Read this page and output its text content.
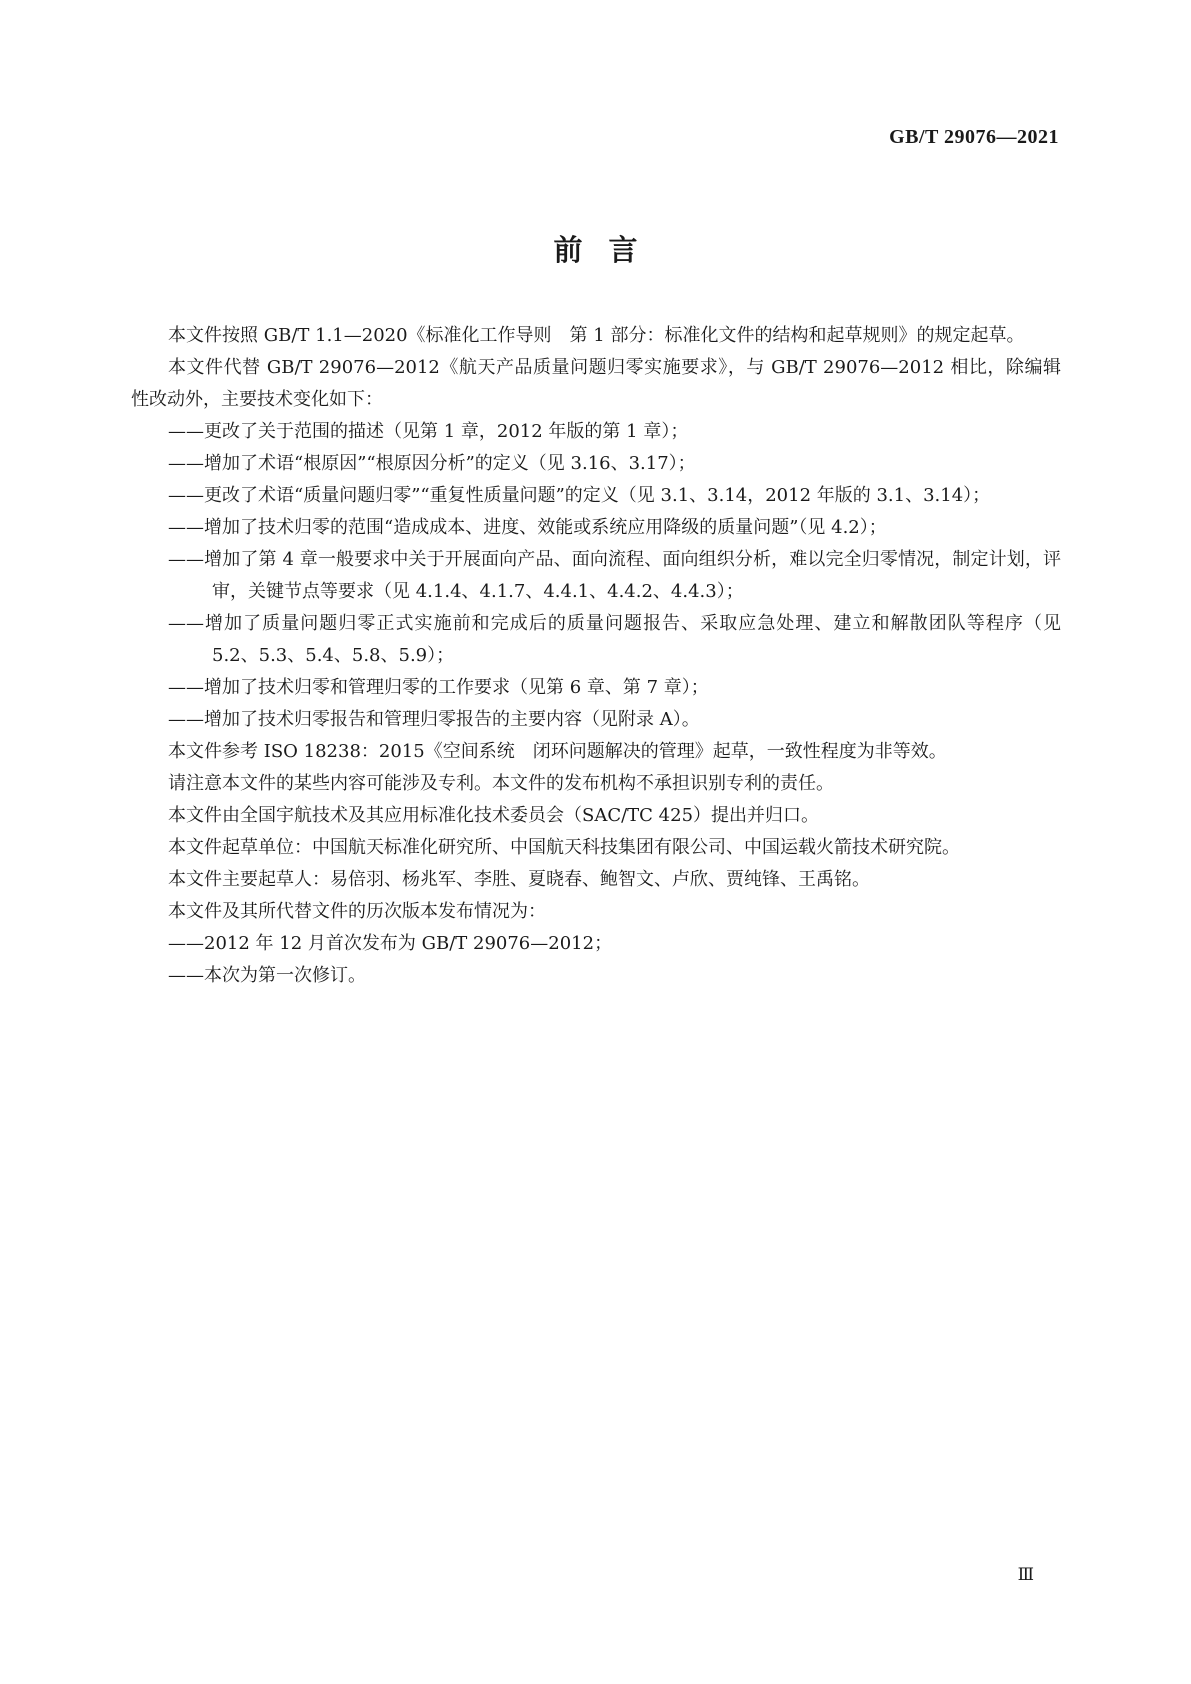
GB/T 29076—2021
前言

本文件按照 GB/T 1.1—2020《标准化工作导则　第 1 部分：标准化文件的结构和起草规则》的规定起草。

本文件代替 GB/T 29076—2012《航天产品质量问题归零实施要求》，与 GB/T 29076—2012 相比，除编辑性改动外，主要技术变化如下：

——更改了关于范围的描述（见第 1 章，2012 年版的第 1 章）；

——增加了术语“根原因”“根原因分析”的定义（见 3.16、3.17）；

——更改了术语“质量问题归零”“重复性质量问题”的定义（见 3.1、3.14，2012 年版的 3.1、3.14）；

——增加了技术归零的范围“造成成本、进度、效能或系统应用降级的质量问题”（见 4.2）；

——增加了第 4 章一般要求中关于开展面向产品、面向流程、面向组织分析，难以完全归零情况，制定计划，评审，关键节点等要求（见 4.1.4、4.1.7、4.4.1、4.4.2、4.4.3）；

——增加了质量问题归零正式实施前和完成后的质量问题报告、采取应急处理、建立和解散团队等程序（见 5.2、5.3、5.4、5.8、5.9）；

——增加了技术归零和管理归零的工作要求（见第 6 章、第 7 章）；

——增加了技术归零报告和管理归零报告的主要内容（见附录 A）。

本文件参考 ISO 18238：2015《空间系统　闭环问题解决的管理》起草，一致性程度为非等效。

请注意本文件的某些内容可能涉及专利。本文件的发布机构不承担识别专利的责任。

本文件由全国宇航技术及其应用标准化技术委员会（SAC/TC 425）提出并归口。

本文件起草单位：中国航天标准化研究所、中国航天科技集团有限公司、中国运载火箭技术研究院。

本文件主要起草人：易倍羽、杨兆军、李胜、夏晓春、鲍智文、卢欣、贾纯锋、王禹铭。

本文件及其所代替文件的历次版本发布情况为：

——2012 年 12 月首次发布为 GB/T 29076—2012；

——本次为第一次修订。

Ⅲ
